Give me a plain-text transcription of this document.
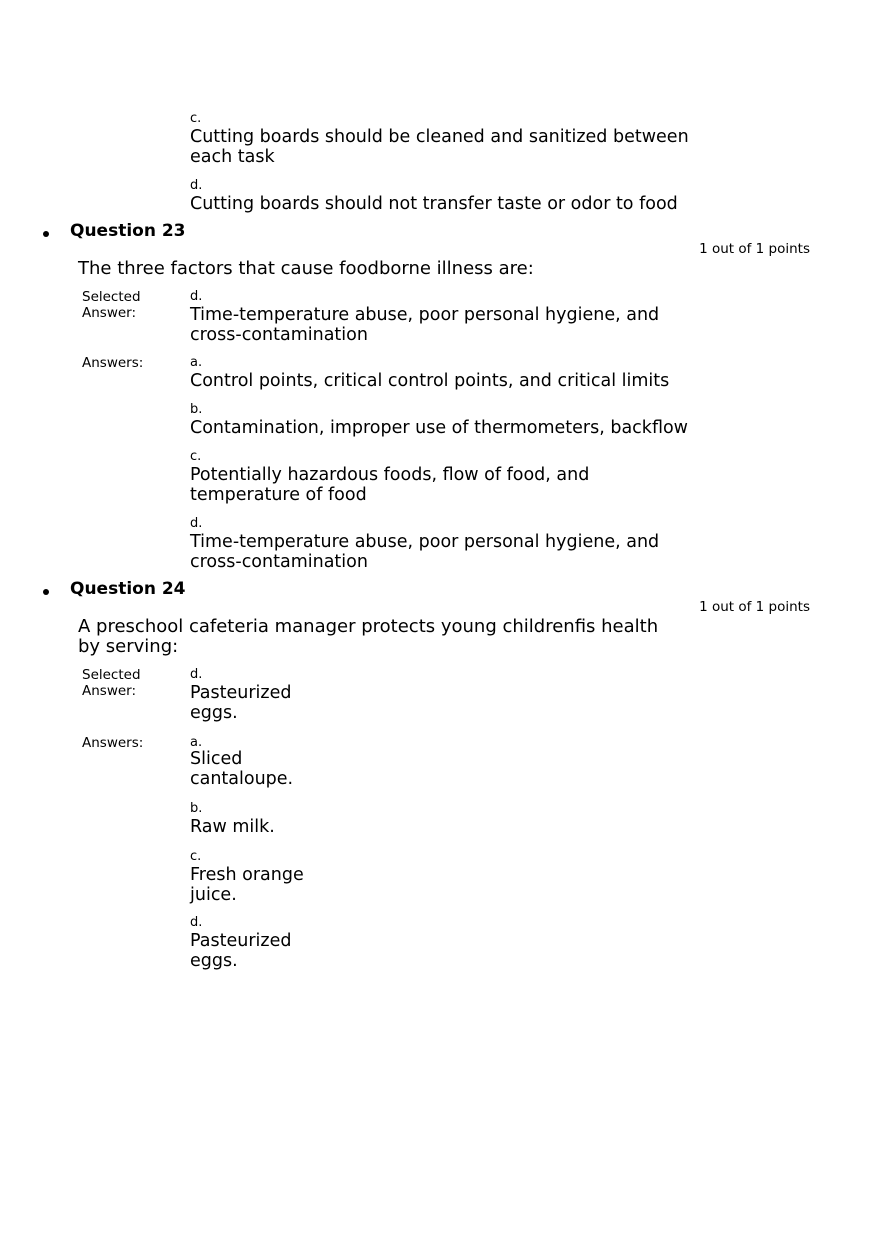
c.
Cutting boards should be cleaned and sanitized between each task
d.
Cutting boards should not transfer taste or odor to food
Question 23
1 out of 1 points
The three factors that cause foodborne illness are:
Selected Answer:
d.
Time-temperature abuse, poor personal hygiene, and cross-contamination
Answers:	a.
Control points, critical control points, and critical limits
b.
Contamination, improper use of thermometers, backflow
c.
Potentially hazardous foods, flow of food, and temperature of food
d.
Time-temperature abuse, poor personal hygiene, and cross-contamination
Question 24
1 out of 1 points
A preschool cafeteria manager protects young childrenfis health by serving:
Selected Answer:
d.
Pasteurized eggs.
Answers:	a.
Sliced cantaloupe.
b.
Raw milk.
c.
Fresh orange juice.
d.
Pasteurized eggs.
